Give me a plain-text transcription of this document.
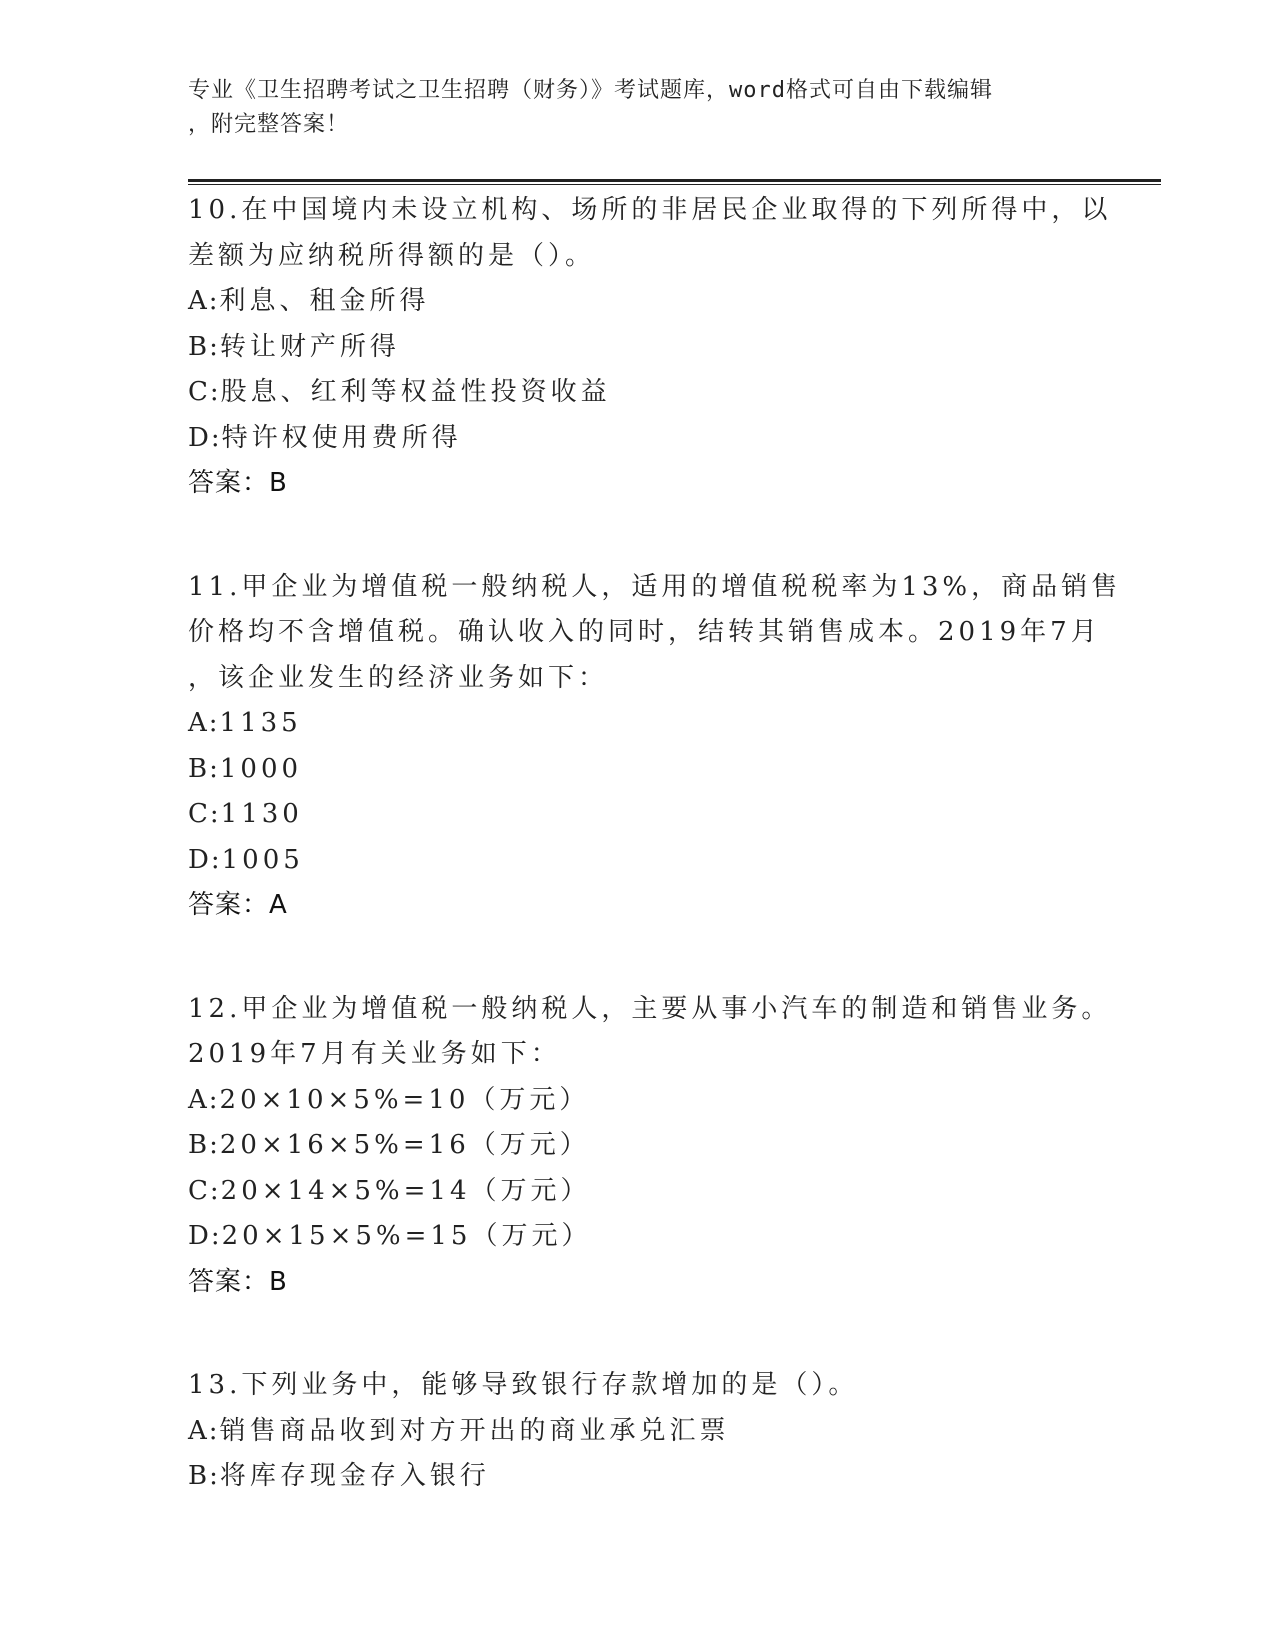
专业《卫生招聘考试之卫生招聘（财务）》考试题库，word格式可自由下载编辑
，附完整答案！
10.在中国境内未设立机构、场所的非居民企业取得的下列所得中，以
差额为应纳税所得额的是（）。
A:利息、租金所得
B:转让财产所得
C:股息、红利等权益性投资收益
D:特许权使用费所得
答案：B
11.甲企业为增值税一般纳税人，适用的增值税税率为13%，商品销售
价格均不含增值税。确认收入的同时，结转其销售成本。2019年7月
，该企业发生的经济业务如下：
A:1135
B:1000
C:1130
D:1005
答案：A
12.甲企业为增值税一般纳税人，主要从事小汽车的制造和销售业务。
2019年7月有关业务如下：
A:20×10×5%=10（万元）
B:20×16×5%=16（万元）
C:20×14×5%=14（万元）
D:20×15×5%=15（万元）
答案：B
13.下列业务中，能够导致银行存款增加的是（）。
A:销售商品收到对方开出的商业承兑汇票
B:将库存现金存入银行
